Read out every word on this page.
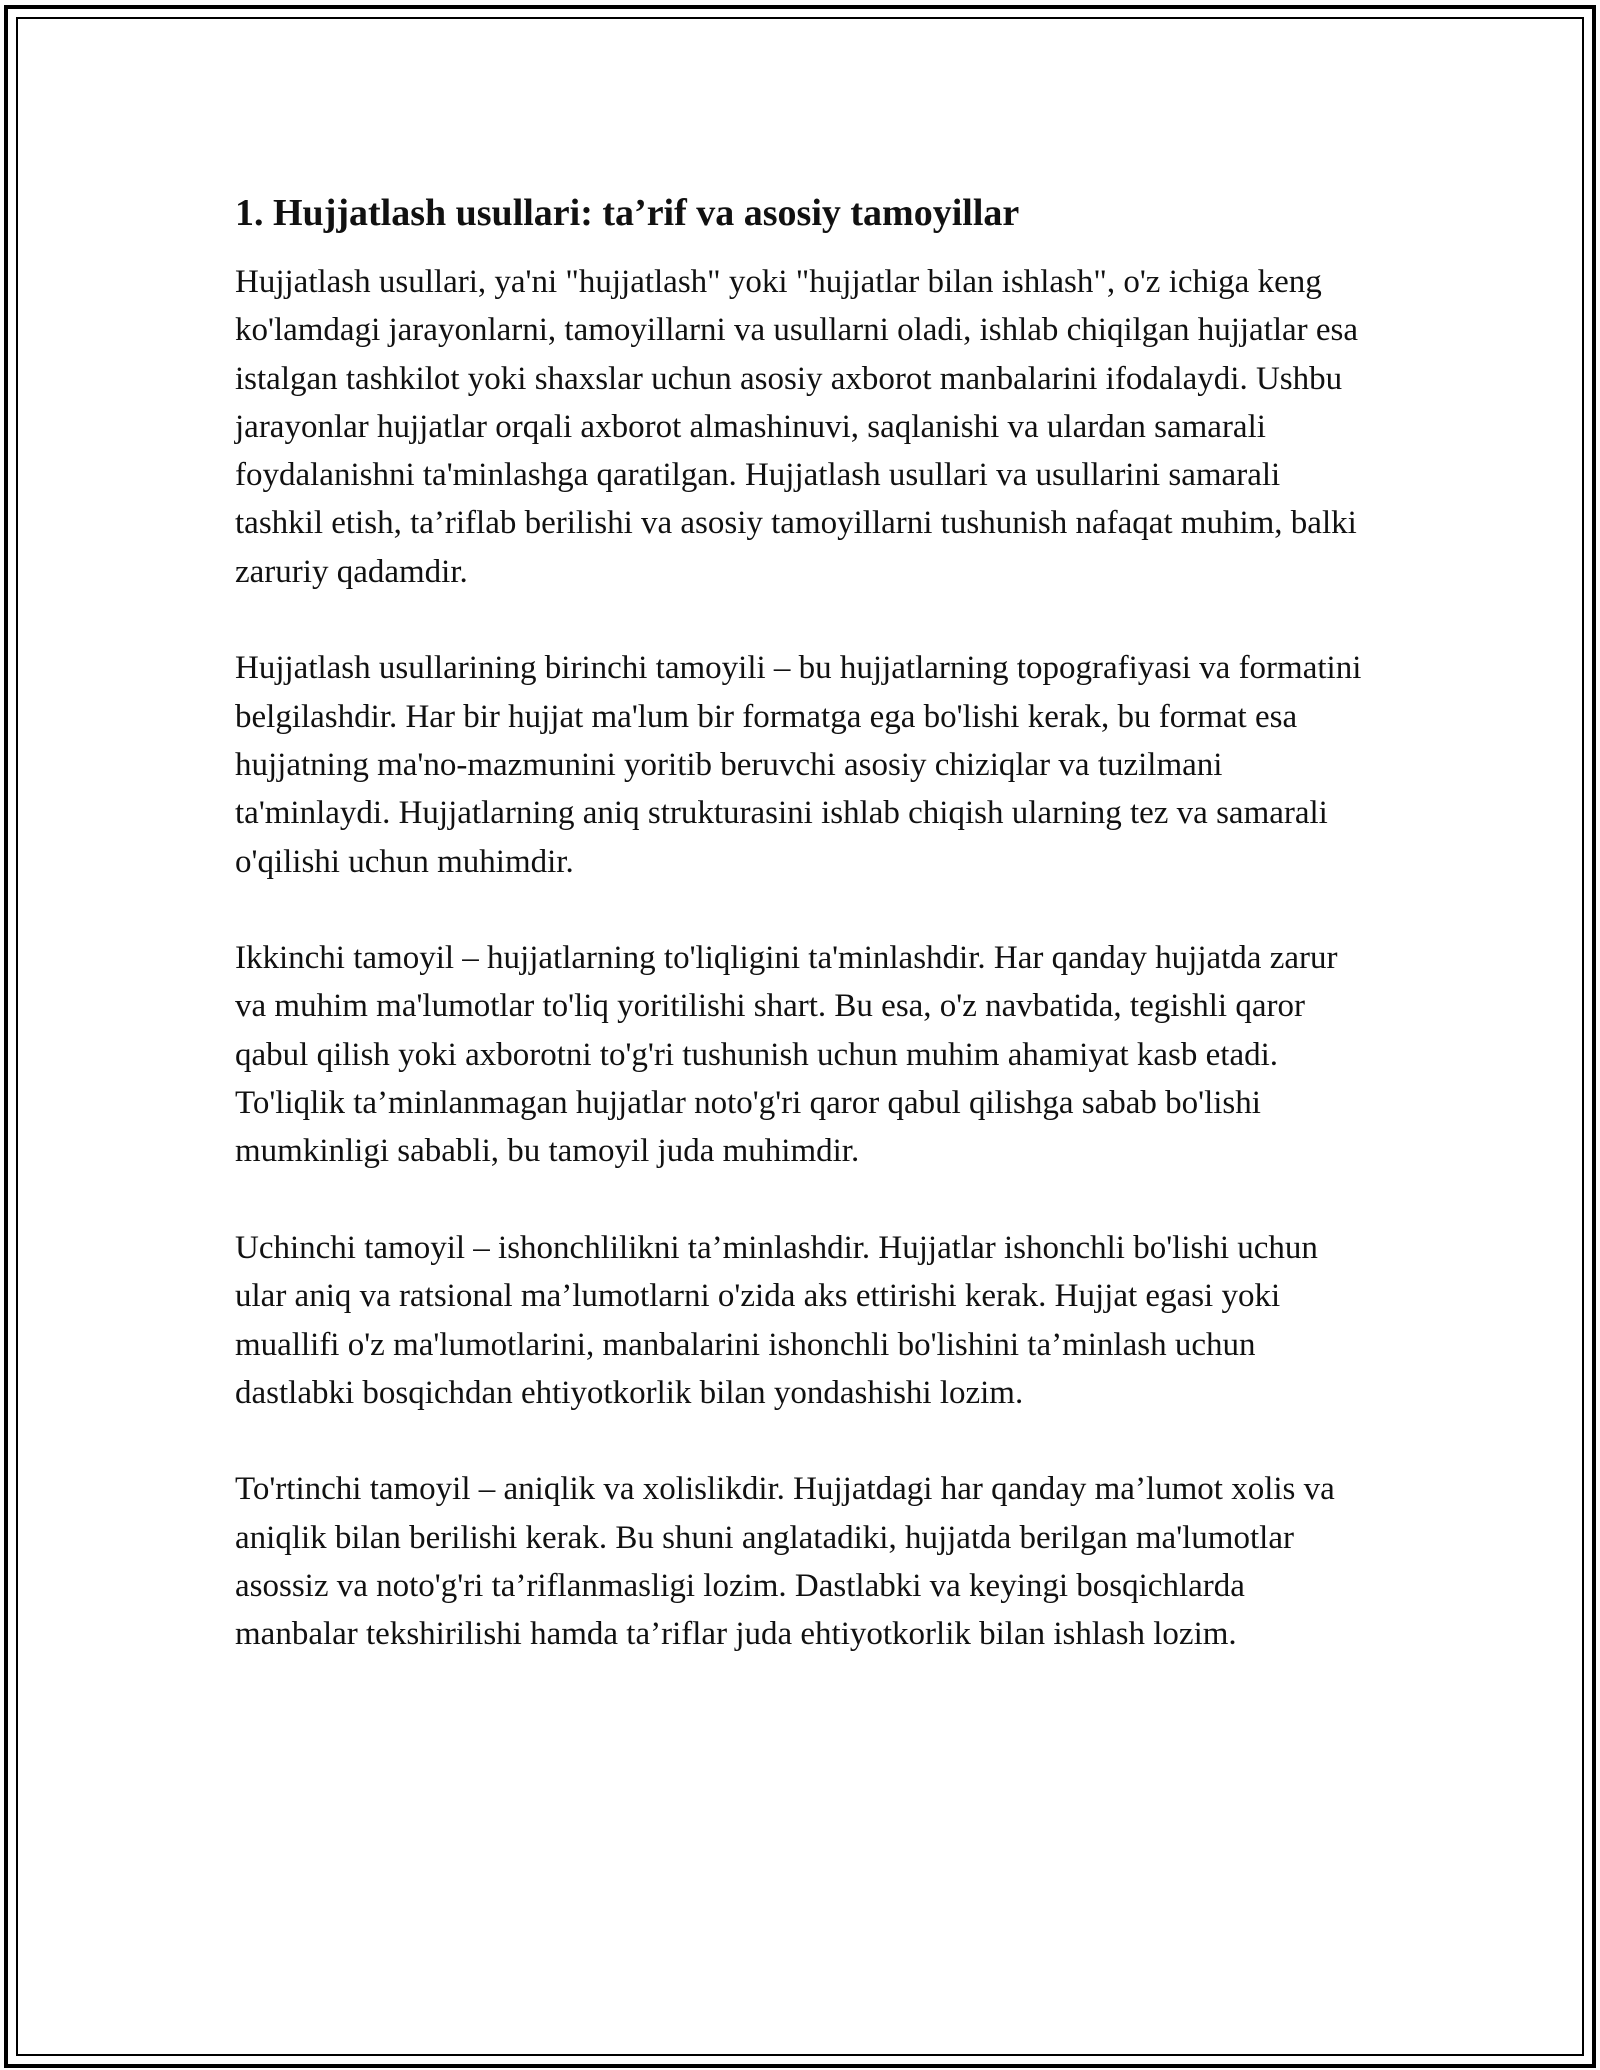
1. Hujjatlash usullari: ta’rif va asosiy tamoyillar

Hujjatlash usullari, ya'ni "hujjatlash" yoki "hujjatlar bilan ishlash", o'z ichiga keng ko'lamdagi jarayonlarni, tamoyillarni va usullarni oladi, ishlab chiqilgan hujjatlar esa istalgan tashkilot yoki shaxslar uchun asosiy axborot manbalarini ifodalaydi. Ushbu jarayonlar hujjatlar orqali axborot almashinuvi, saqlanishi va ulardan samarali foydalanishni ta'minlashga qaratilgan. Hujjatlash usullari va usullarini samarali tashkil etish, ta’riflab berilishi va asosiy tamoyillarni tushunish nafaqat muhim, balki zaruriy qadamdir.

Hujjatlash usullarining birinchi tamoyili – bu hujjatlarning topografiyasi va formatini belgilashdir. Har bir hujjat ma'lum bir formatga ega bo'lishi kerak, bu format esa hujjatning ma'no-mazmunini yoritib beruvchi asosiy chiziqlar va tuzilmani ta'minlaydi. Hujjatlarning aniq strukturasini ishlab chiqish ularning tez va samarali o'qilishi uchun muhimdir.

Ikkinchi tamoyil – hujjatlarning to'liqligini ta'minlashdir. Har qanday hujjatda zarur va muhim ma'lumotlar to'liq yoritilishi shart. Bu esa, o'z navbatida, tegishli qaror qabul qilish yoki axborotni to'g'ri tushunish uchun muhim ahamiyat kasb etadi. To'liqlik ta’minlanmagan hujjatlar noto'g'ri qaror qabul qilishga sabab bo'lishi mumkinligi sababli, bu tamoyil juda muhimdir.

Uchinchi tamoyil – ishonchlilikni ta’minlashdir. Hujjatlar ishonchli bo'lishi uchun ular aniq va ratsional ma’lumotlarni o'zida aks ettirishi kerak. Hujjat egasi yoki muallifi o'z ma'lumotlarini, manbalarini ishonchli bo'lishini ta’minlash uchun dastlabki bosqichdan ehtiyotkorlik bilan yondashishi lozim.

To'rtinchi tamoyil – aniqlik va xolislikdir. Hujjatdagi har qanday ma’lumot xolis va aniqlik bilan berilishi kerak. Bu shuni anglatadiki, hujjatda berilgan ma'lumotlar asossiz va noto'g'ri ta’riflanmasligi lozim. Dastlabki va keyingi bosqichlarda manbalar tekshirilishi hamda ta’riflar juda ehtiyotkorlik bilan ishlash lozim.
